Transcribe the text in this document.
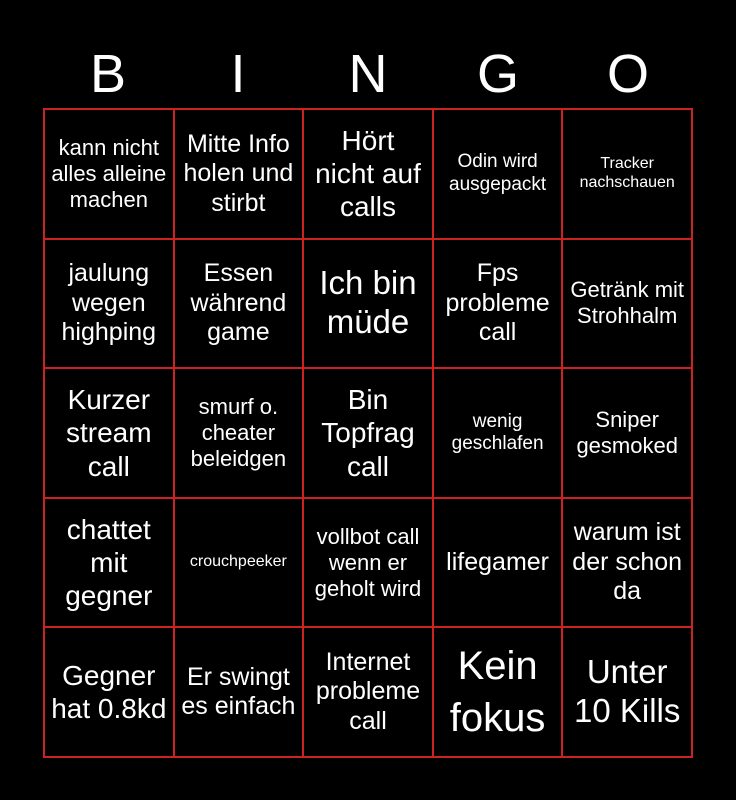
B	I	N	G	O
kann nicht alles alleine machen
Mitte Info holen und stirbt
Hört nicht auf calls
Odin wird ausgepackt
Tracker nachschauen
jaulung wegen highping
Essen während game
Ich bin müde
Fps probleme call
Getränk mit Strohhalm
Kurzer stream call
smurf o. cheater beleidgen
Bin Topfrag call
wenig geschlafen
Sniper gesmoked
chattet mit gegner
crouchpeeker
vollbot call wenn er geholt wird
lifegamer
warum ist der schon da
Gegner hat 0.8kd
Er swingt es einfach
Internet probleme call
Kein fokus
Unter 10 Kills
